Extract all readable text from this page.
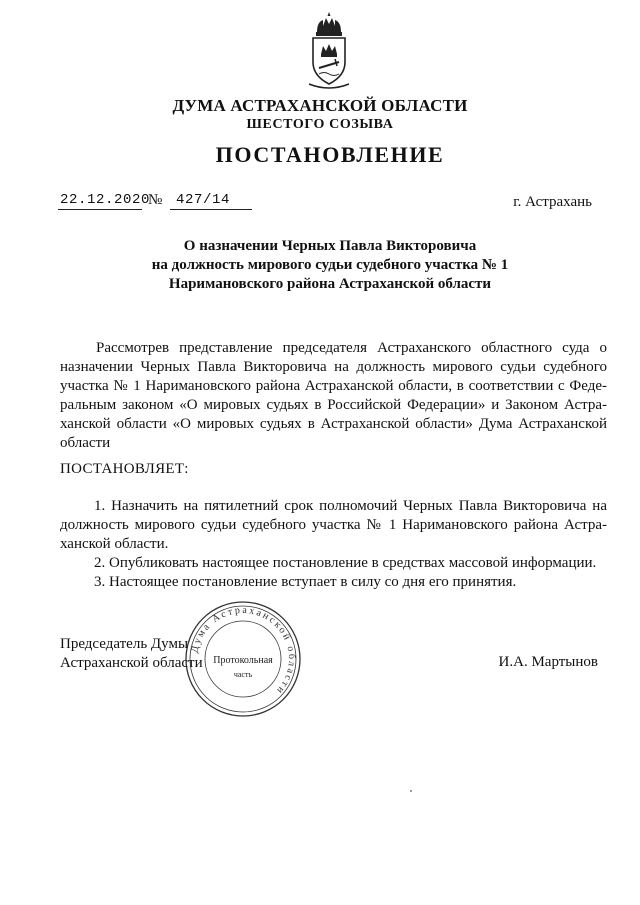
ДУМА АСТРАХАНСКОЙ ОБЛАСТИ
ШЕСТОГО СОЗЫВА
ПОСТАНОВЛЕНИЕ
22.12.2020
№ 427/14	г. Астрахань
О назначении Черных Павла Викторовича
на должность мирового судьи судебного участка № 1
Наримановского района Астраханской области

Рассмотрев представление председателя Астраханского областного суда о назначении Черных Павла Викторовича на должность мирового судьи судебного участка № 1 Наримановского района Астраханской области, в соответствии с Федеральным законом «О мировых судьях в Российской Федерации» и Законом Астраханской области «О мировых судьях в Астраханской области» Дума Астраханской области

ПОСТАНОВЛЯЕТ:

1. Назначить на пятилетний срок полномочий Черных Павла Викторовича на должность мирового судьи судебного участка № 1 Наримановского района Астраханской области.

2. Опубликовать настоящее постановление в средствах массовой информации.

3. Настоящее постановление вступает в силу со дня его принятия.

Дума Астраханской области
Протокольная
часть
Председатель Думы
Астраханской области	И.А. Мартынов
